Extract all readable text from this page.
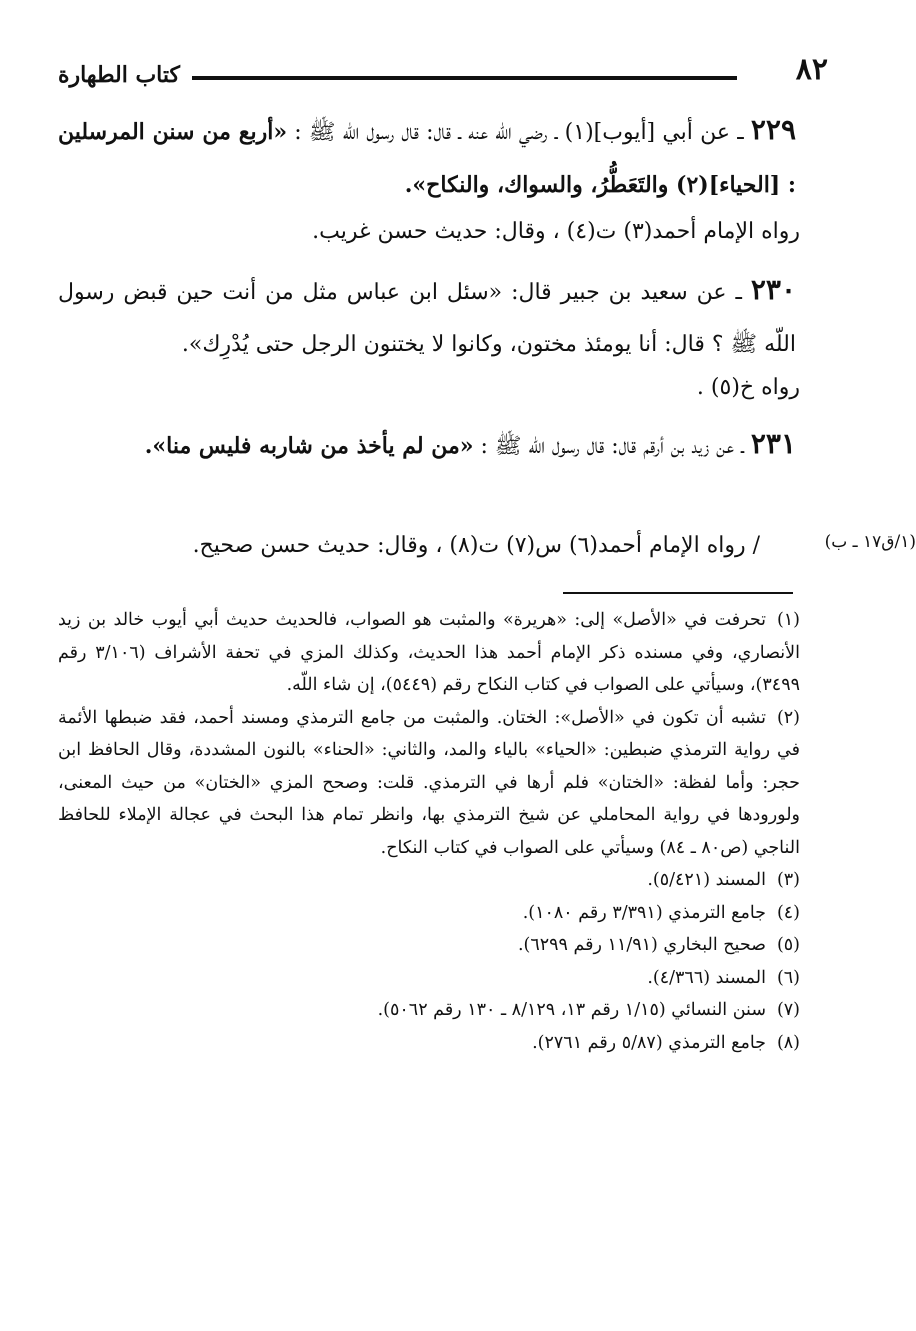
٨٢
كتاب الطهارة
٢٢٩ ـ عن أبي [أيوب](١) ـ رضي اللّه عنه ـ قال: قال رسول اللّه ﷺ : «أربع من سنن المرسلين : [الحياء](٢) والتَعَطُّرُ، والسواك، والنكاح».
رواه الإمام أحمد(٣) ت(٤) ، وقال: حديث حسن غريب.
٢٣٠ ـ عن سعيد بن جبير قال: «سئل ابن عباس مثل من أنت حين قبض رسول اللّه ﷺ ؟ قال: أنا يومئذ مختون، وكانوا لا يختنون الرجل حتى يُدْرِك».
رواه خ(٥) .
٢٣١ ـ عن زيد بن أرقم قال: قال رسول اللّه ﷺ : «من لم يأخذ من شاربه فليس منا».
/ رواه الإمام أحمد(٦) س(٧) ت(٨) ، وقال: حديث حسن صحيح.	(١/ق١٧ ـ ب)

(١)تحرفت في «الأصل» إلى: «هريرة» والمثبت هو الصواب، فالحديث حديث أبي أيوب خالد بن زيد الأنصاري، وفي مسنده ذكر الإمام أحمد هذا الحديث، وكذلك المزي في تحفة الأشراف (٣/١٠٦ رقم ٣٤٩٩)، وسيأتي على الصواب في كتاب النكاح رقم (٥٤٤٩)، إن شاء اللّه.

(٢)تشبه أن تكون في «الأصل»: الختان. والمثبت من جامع الترمذي ومسند أحمد، فقد ضبطها الأئمة في رواية الترمذي ضبطين: «الحياء» بالياء والمد، والثاني: «الحناء» بالنون المشددة، وقال الحافظ ابن حجر: وأما لفظة: «الختان» فلم أرها في الترمذي. قلت: وصحح المزي «الختان» من حيث المعنى، ولورودها في رواية المحاملي عن شيخ الترمذي بها، وانظر تمام هذا البحث في عجالة الإملاء للحافظ الناجي (ص٨٠ ـ ٨٤) وسيأتي على الصواب في كتاب النكاح.

(٣)المسند (٥/٤٢١).

(٤)جامع الترمذي (٣/٣٩١ رقم ١٠٨٠).

(٥)صحيح البخاري (١١/٩١ رقم ٦٢٩٩).

(٦)المسند (٤/٣٦٦).

(٧)سنن النسائي (١/١٥ رقم ١٣، ٨/١٢٩ ـ ١٣٠ رقم ٥٠٦٢).

(٨)جامع الترمذي (٥/٨٧ رقم ٢٧٦١).
